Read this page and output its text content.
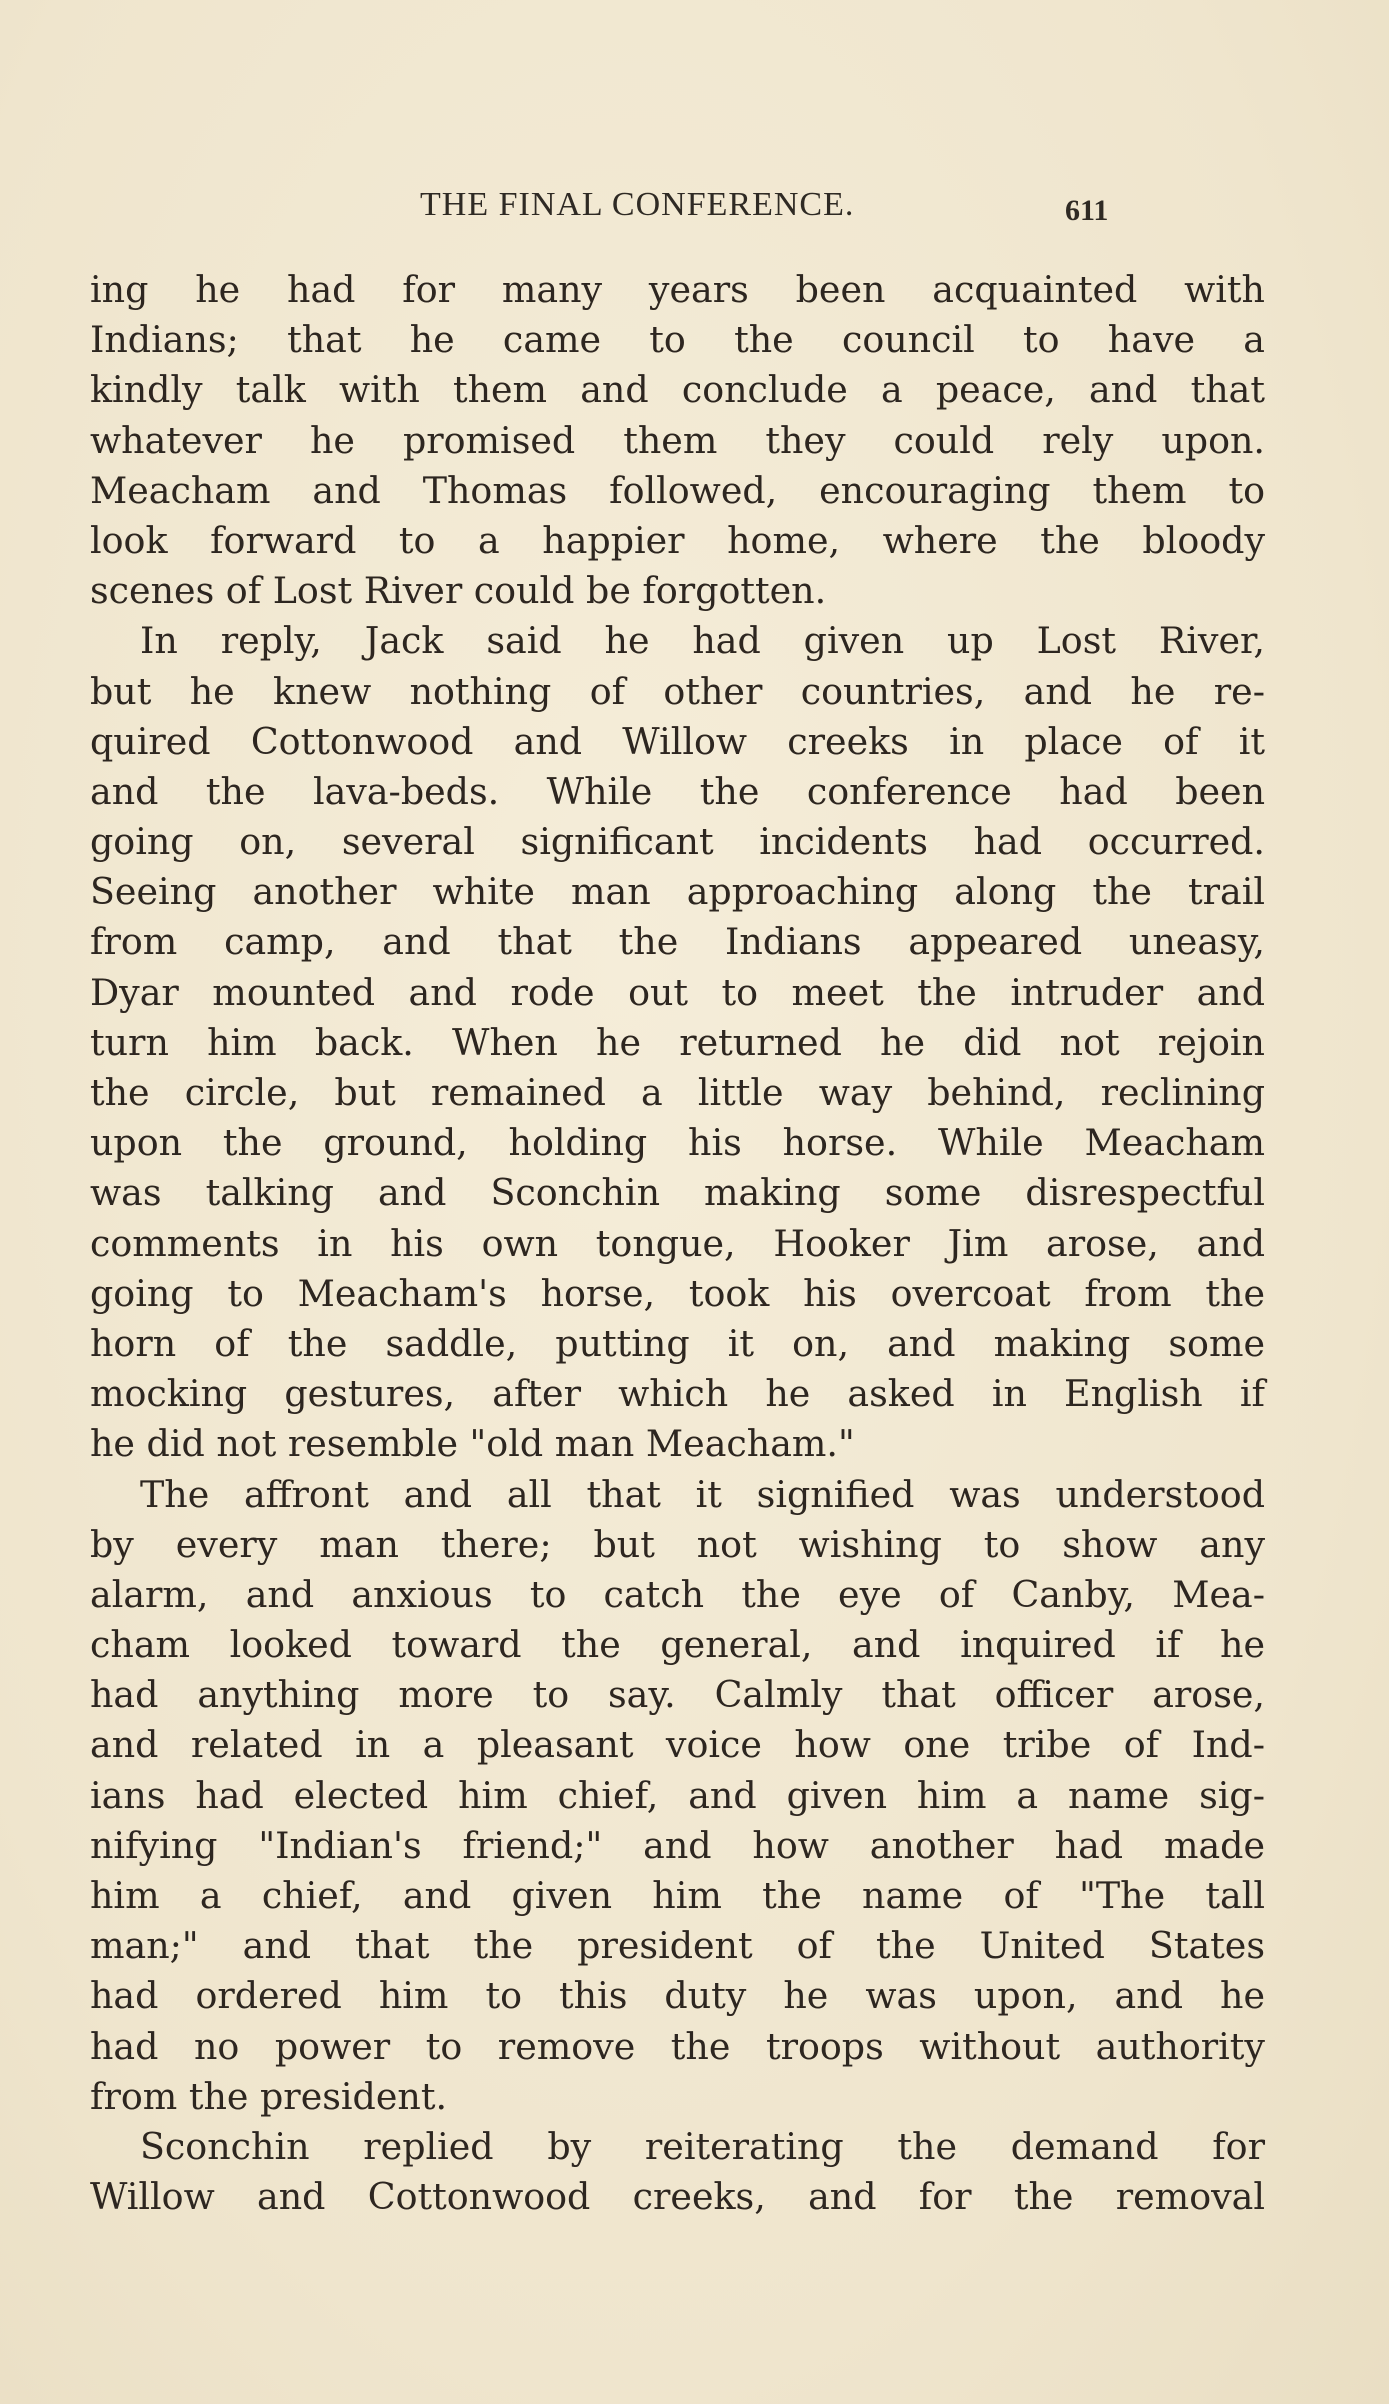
THE FINAL CONFERENCE.	611
ing he had for many years been acquainted with
Indians; that he came to the council to have a
kindly talk with them and conclude a peace, and that
whatever he promised them they could rely upon.
Meacham and Thomas followed, encouraging them to
look forward to a happier home, where the bloody
scenes of Lost River could be forgotten.
In reply, Jack said he had given up Lost River,
but he knew nothing of other countries, and he re-
quired Cottonwood and Willow creeks in place of it
and the lava-beds. While the conference had been
going on, several significant incidents had occurred.
Seeing another white man approaching along the trail
from camp, and that the Indians appeared uneasy,
Dyar mounted and rode out to meet the intruder and
turn him back. When he returned he did not rejoin
the circle, but remained a little way behind, reclining
upon the ground, holding his horse. While Meacham
was talking and Sconchin making some disrespectful
comments in his own tongue, Hooker Jim arose, and
going to Meacham's horse, took his overcoat from the
horn of the saddle, putting it on, and making some
mocking gestures, after which he asked in English if
he did not resemble "old man Meacham."
The affront and all that it signified was understood
by every man there; but not wishing to show any
alarm, and anxious to catch the eye of Canby, Mea-
cham looked toward the general, and inquired if he
had anything more to say. Calmly that officer arose,
and related in a pleasant voice how one tribe of Ind-
ians had elected him chief, and given him a name sig-
nifying "Indian's friend;" and how another had made
him a chief, and given him the name of "The tall
man;" and that the president of the United States
had ordered him to this duty he was upon, and he
had no power to remove the troops without authority
from the president.
Sconchin replied by reiterating the demand for
Willow and Cottonwood creeks, and for the removal
